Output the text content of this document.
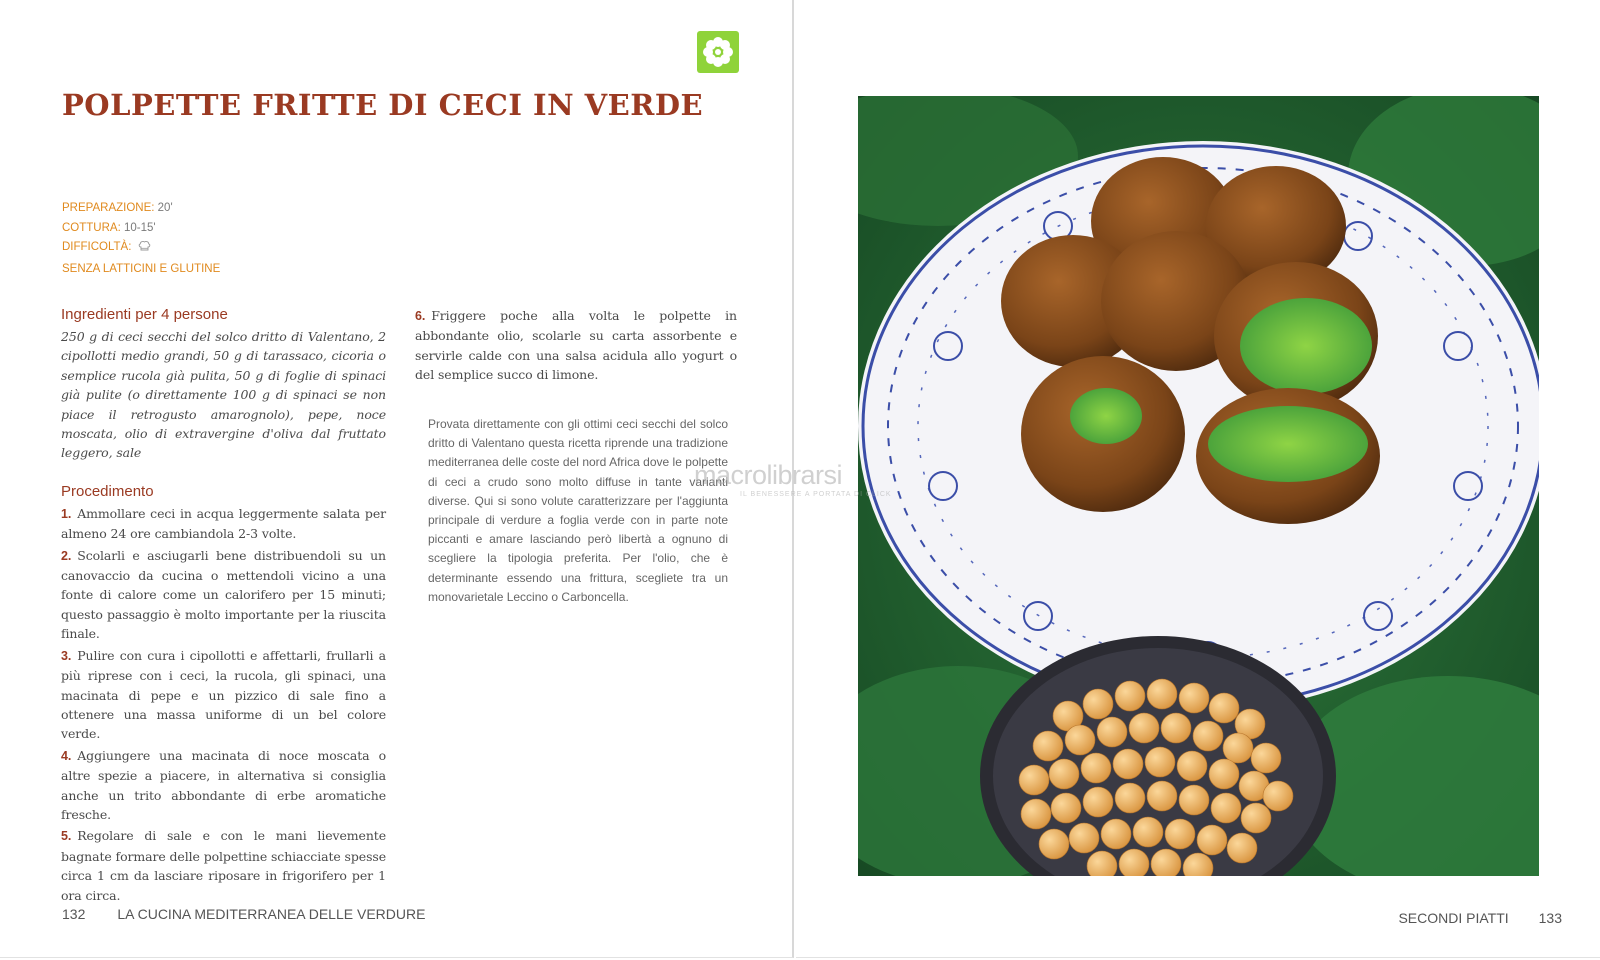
POLPETTE FRITTE DI CECI IN VERDE
PREPARAZIONE: 20'
COTTURA: 10-15'
DIFFICOLTÀ:
SENZA LATTICINI E GLUTINE
Ingredienti per 4 persone

250 g di ceci secchi del solco dritto di Valentano, 2 cipollotti medio grandi, 50 g di tarassaco, cicoria o semplice rucola già pulita, 50 g di foglie di spinaci già pulite (o direttamente 100 g di spinaci se non piace il retrogusto amarognolo), pepe, noce moscata, olio di extravergine d'oliva dal fruttato leggero, sale

Procedimento

1. Ammollare ceci in acqua leggermente salata per almeno 24 ore cambiandola 2-3 volte.

2. Scolarli e asciugarli bene distribuendoli su un canovaccio da cucina o mettendoli vicino a una fonte di calore come un calorifero per 15 minuti; questo passaggio è molto importante per la riuscita finale.

3. Pulire con cura i cipollotti e affettarli, frullarli a più riprese con i ceci, la rucola, gli spinaci, una macinata di pepe e un pizzico di sale fino a ottenere una massa uniforme di un bel colore verde.

4. Aggiungere una macinata di noce moscata o altre spezie a piacere, in alternativa si consiglia anche un trito abbondante di erbe aromatiche fresche.

5. Regolare di sale e con le mani lievemente bagnate formare delle polpettine schiacciate spesse circa 1 cm da lasciare riposare in frigorifero per 1 ora circa.

6. Friggere poche alla volta le polpette in abbondante olio, scolarle su carta assorbente e servirle calde con una salsa acidula allo yogurt o del semplice succo di limone.

Provata direttamente con gli ottimi ceci secchi del solco dritto di Valentano questa ricetta riprende una tradizione mediterranea delle coste del nord Africa dove le polpette di ceci a crudo sono molto diffuse in tante varianti diverse. Qui si sono volute caratterizzare per l'aggiunta principale di verdure a foglia verde con in parte note piccanti e amare lasciando però libertà a ognuno di scegliere la tipologia preferita. Per l'olio, che è determinante essendo una frittura, scegliete tra un monovarietale Leccino o Carboncella.
132 LA CUCINA MEDITERRANEA DELLE VERDURE	SECONDI PIATTI 133
macrolibrarsi
IL BENESSERE A PORTATA DI CLICK
